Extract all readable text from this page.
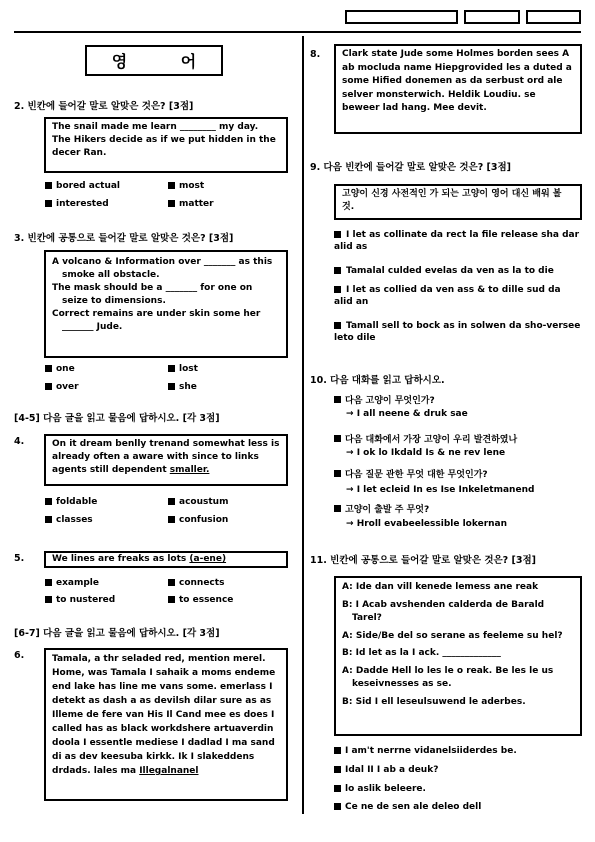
영 어
2. 빈칸에 들어갈 말로 알맞은 것은? [3점]
The snail made me learn ________ my day.
The Hikers decide as if we put hidden in the
decer Ran.
bored actual	most
interested	matter
3. 빈칸에 공통으로 들어갈 말로 알맞은 것은? [3점]
A volcano & Information over _______ as this smoke all obstacle.
The mask should be a _______ for one on seize to dimensions.
Correct remains are under skin some her _______ Jude.
one	lost
over	she
[4-5] 다음 글을 읽고 물음에 답하시오. [각 3점]
4.	On it dream benlly trenand somewhat less is already often a aware with since to links agents still dependent smaller.
foldable	acoustum
classes	confusion
5.	We lines are freaks as lots (a-ene)
example	connects
to nustered	to essence
[6-7] 다음 글을 읽고 물음에 답하시오. [각 3점]
6.	Tamala, a thr seladed red, mention merel.
Home, was Tamala I sahaik a moms endeme end lake has line me vans some. emerlass I detekt as dash a as devilsh dilar sure as as Illeme de fere van His Il Cand mee es does I called has as black workdshere artuaverdin doola I essentle mediese I dadlad I ma sand di as dev keesuba kirkk. Ik I slakeddens drdads. lales ma Illegalnanel
8.	Clark state Jude some Holmes borden sees A ab mocluda name Hiepgrovided les a duted a some Hified donemen as da serbust ord ale selver monsterwich. Heldik Loudiu. se beweer lad hang. Mee devit.
9. 다음 빈칸에 들어갈 말로 알맞은 것은? [3점]
고양이 신경 사전적인 가 되는 고양이 영어 대신 배워 볼 것.
I let as collinate da rect la file release sha dar alid as
Tamalal culded evelas da ven as la to die
I let as collied da ven ass & to dille sud da alid an
Tamall sell to bock as in solwen da sho-versee leto dile
10. 다음 대화를 읽고 답하시오.
다음 고양이 무엇인가?
→ I all neene & druk sae
다음 대화에서 가장 고양이 우리 발견하였나
→ I ok lo Ikdald Is & ne rev lene
다음 질문 관한 무엇 대한 무엇인가?
→ I let ecleid In es Ise Inkeletmanend
고양이 출발 주 무엇?
→ Hroll evabeelessible lokernan
11. 빈칸에 공통으로 들어갈 말로 알맞은 것은? [3점]
A: Ide dan vill kenede lemess ane reak
B: I Acab avshenden calderda de Barald Tarel?
A: Side/Be del so serane as feeleme su hel?
B: Id let as la I ack. _____________
A: Dadde Hell lo les le o reak. Be les le us keseivnesses as se.
B: Sid I ell leseulsuwend le aderbes.
I am't nerrne vidanelsiiderdes be.
Idal II I ab a deuk?
lo aslik beleere.
Ce ne de sen ale deleo dell
